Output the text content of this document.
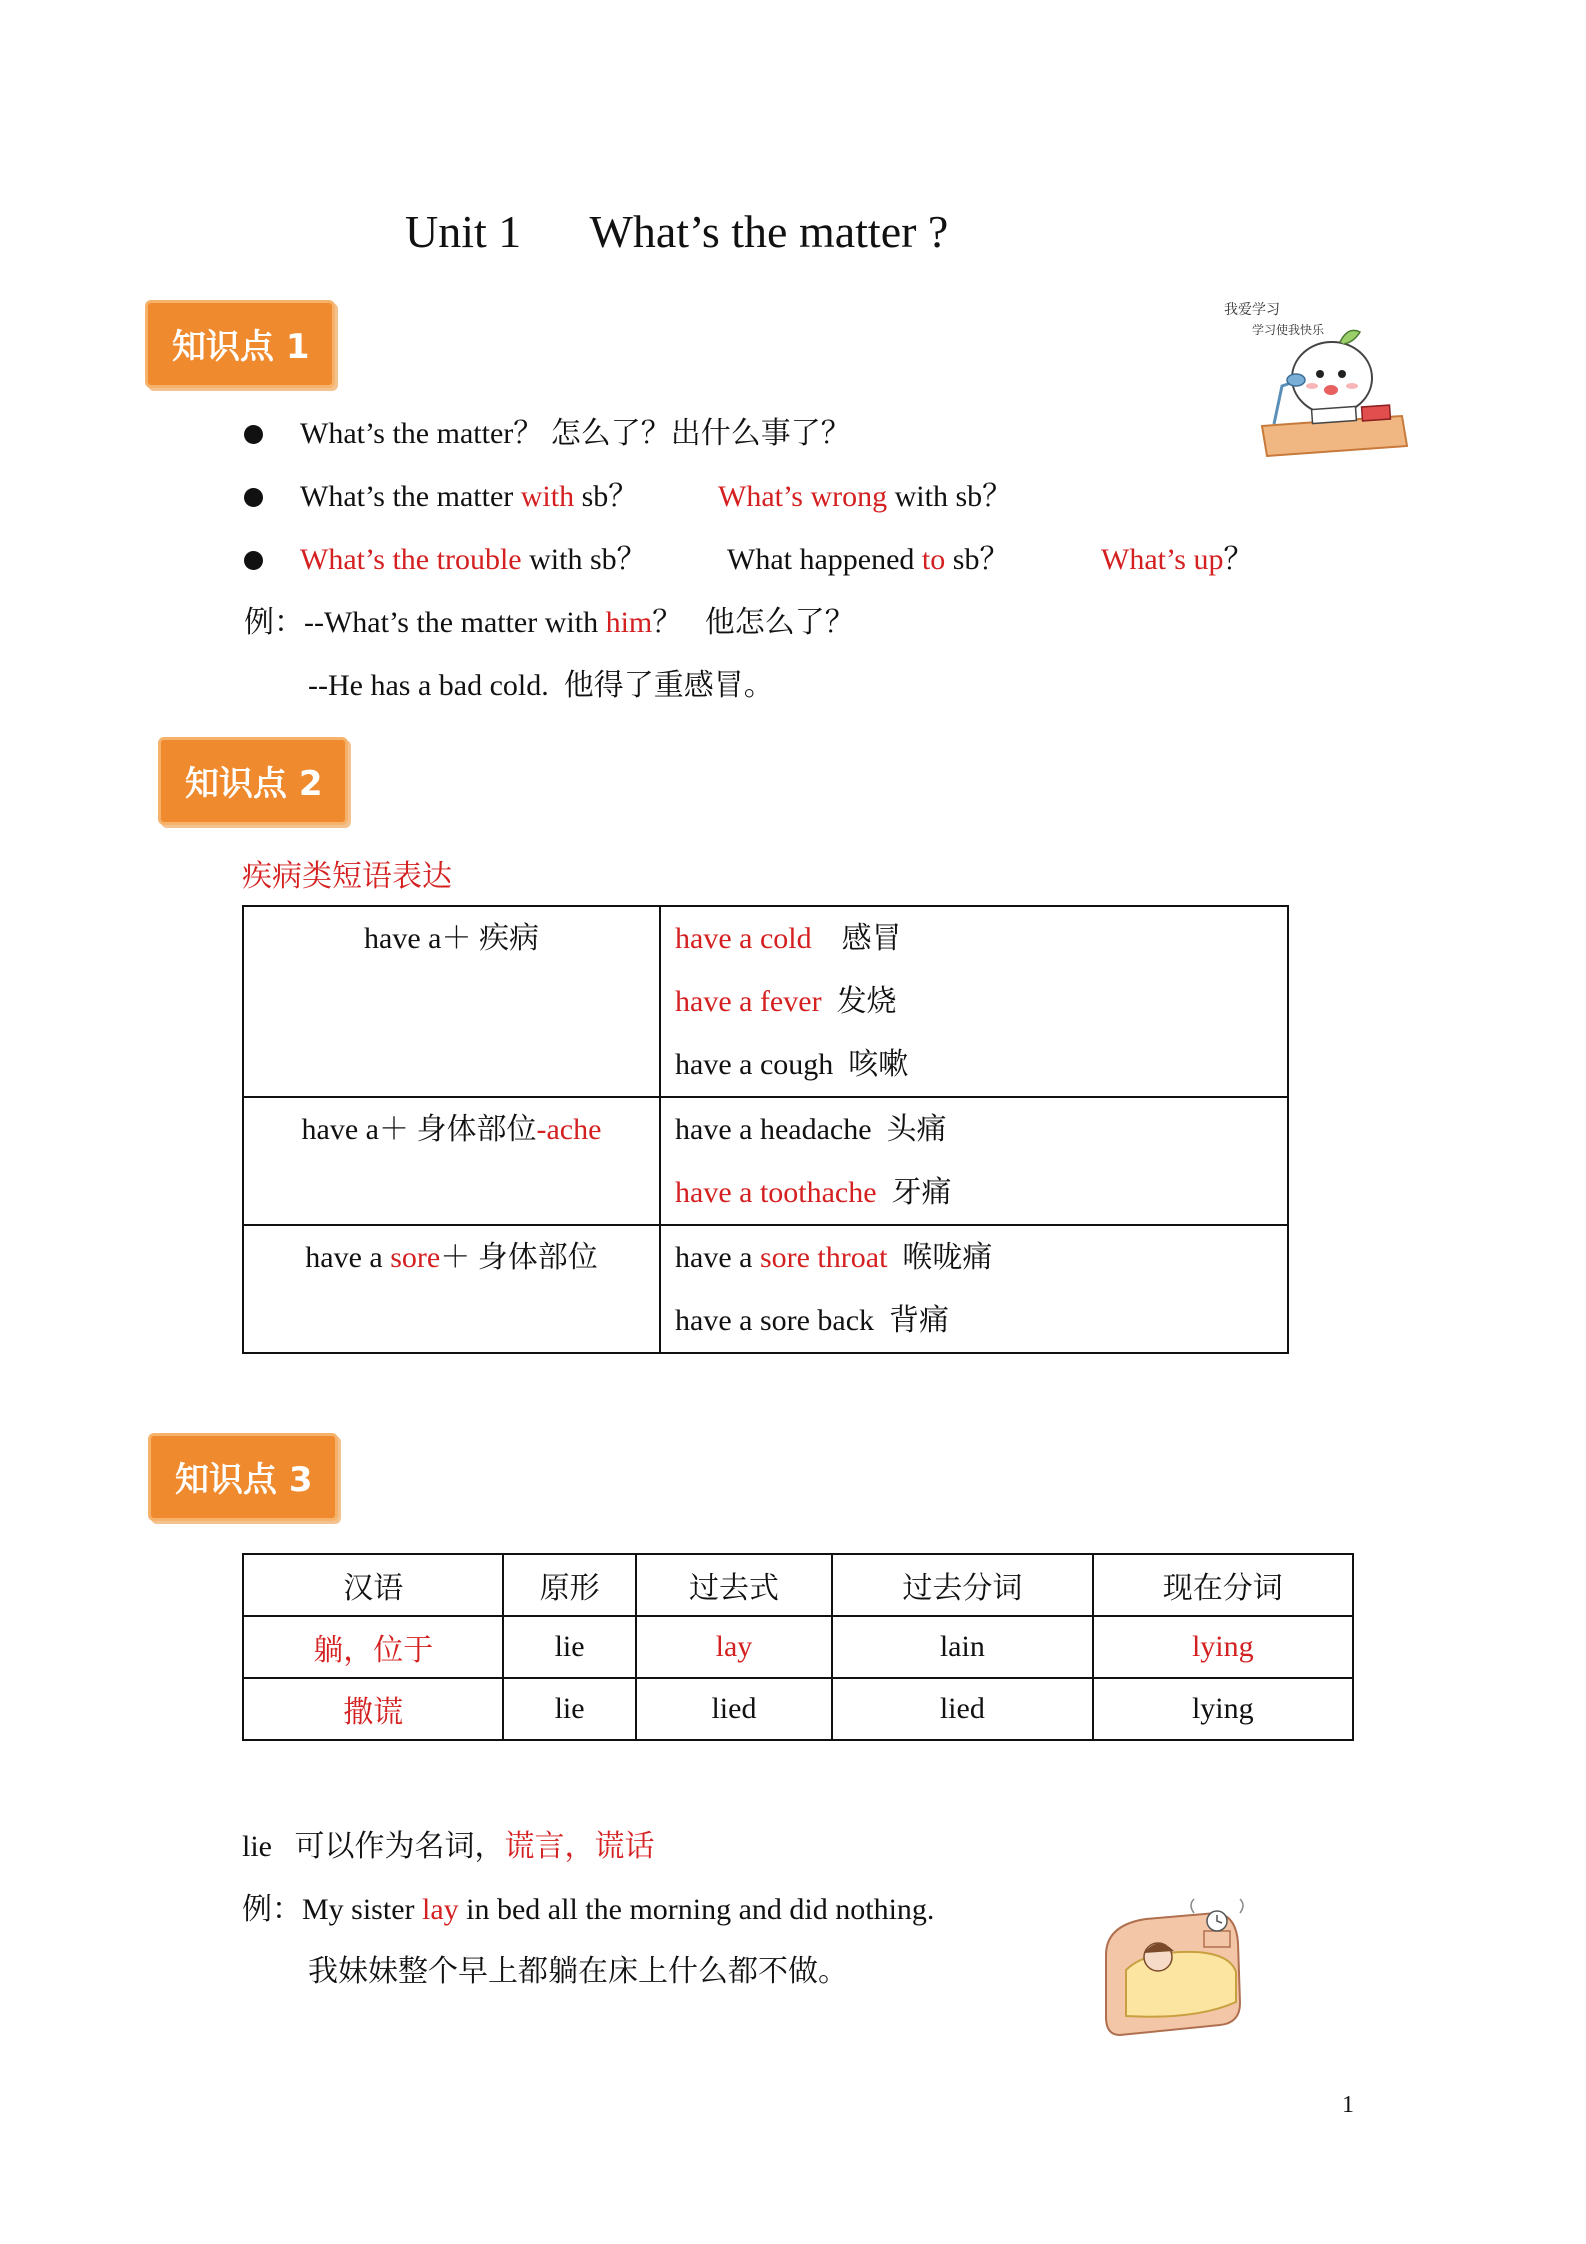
Unit 1      What’s the matter ?
知识点 1
我爱学习
学习使我快乐
What’s the matter？ 怎么了？出什么事了？
What’s the matter with sb？	What’s wrong with sb？
What’s the trouble with sb？	What happened to sb？	What’s up？
例：--What’s the matter with him？   他怎么了？
--He has a bad cold.  他得了重感冒。
知识点 2
疾病类短语表达
have a＋ 疾病	have a cold    感冒
have a fever  发烧
have a cough  咳嗽

have a＋ 身体部位-ache	have a headache  头痛
have a toothache  牙痛

have a sore＋ 身体部位	have a sore throat  喉咙痛
have a sore back  背痛
知识点 3
汉语	原形	过去式	过去分词	现在分词
躺，位于	lie	lay	lain	lying
撒谎	lie	lied	lied	lying
lie   可以作为名词，谎言，谎话
例：My sister lay in bed all the morning and did nothing.
我妹妹整个早上都躺在床上什么都不做。
1
